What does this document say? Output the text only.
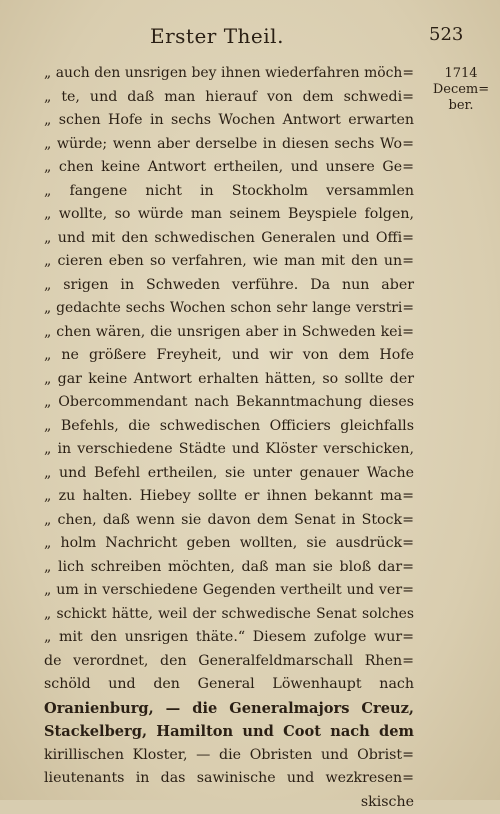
Erster Theil.	523
1714
Decem=
ber.
„ auch den unsrigen bey ihnen wiederfahren möch=
„ te, und daß man hierauf von dem schwedi=
„ schen Hofe in sechs Wochen Antwort erwarten
„ würde; wenn aber derselbe in diesen sechs Wo=
„ chen keine Antwort ertheilen, und unsere Ge=
„ fangene nicht in Stockholm versammlen
„ wollte, so würde man seinem Beyspiele folgen,
„ und mit den schwedischen Generalen und Offi=
„ cieren eben so verfahren, wie man mit den un=
„ srigen in Schweden verführe. Da nun aber
„ gedachte sechs Wochen schon sehr lange verstri=
„ chen wären, die unsrigen aber in Schweden kei=
„ ne größere Freyheit, und wir von dem Hofe
„ gar keine Antwort erhalten hätten, so sollte der
„ Obercommendant nach Bekanntmachung dieses
„ Befehls, die schwedischen Officiers gleichfalls
„ in verschiedene Städte und Klöster verschicken,
„ und Befehl ertheilen, sie unter genauer Wache
„ zu halten. Hiebey sollte er ihnen bekannt ma=
„ chen, daß wenn sie davon dem Senat in Stock=
„ holm Nachricht geben wollten, sie ausdrück=
„ lich schreiben möchten, daß man sie bloß dar=
„ um in verschiedene Gegenden vertheilt und ver=
„ schickt hätte, weil der schwedische Senat solches
„ mit den unsrigen thäte.“ Diesem zufolge wur=
de verordnet, den Generalfeldmarschall Rhen=
schöld und den General Löwenhaupt nach
Oranienburg, — die Generalmajors Creuz,
Stackelberg, Hamilton und Coot nach dem
kirillischen Kloster, — die Obristen und Obrist=
lieutenants in das sawinische und wezkresen=
skische
